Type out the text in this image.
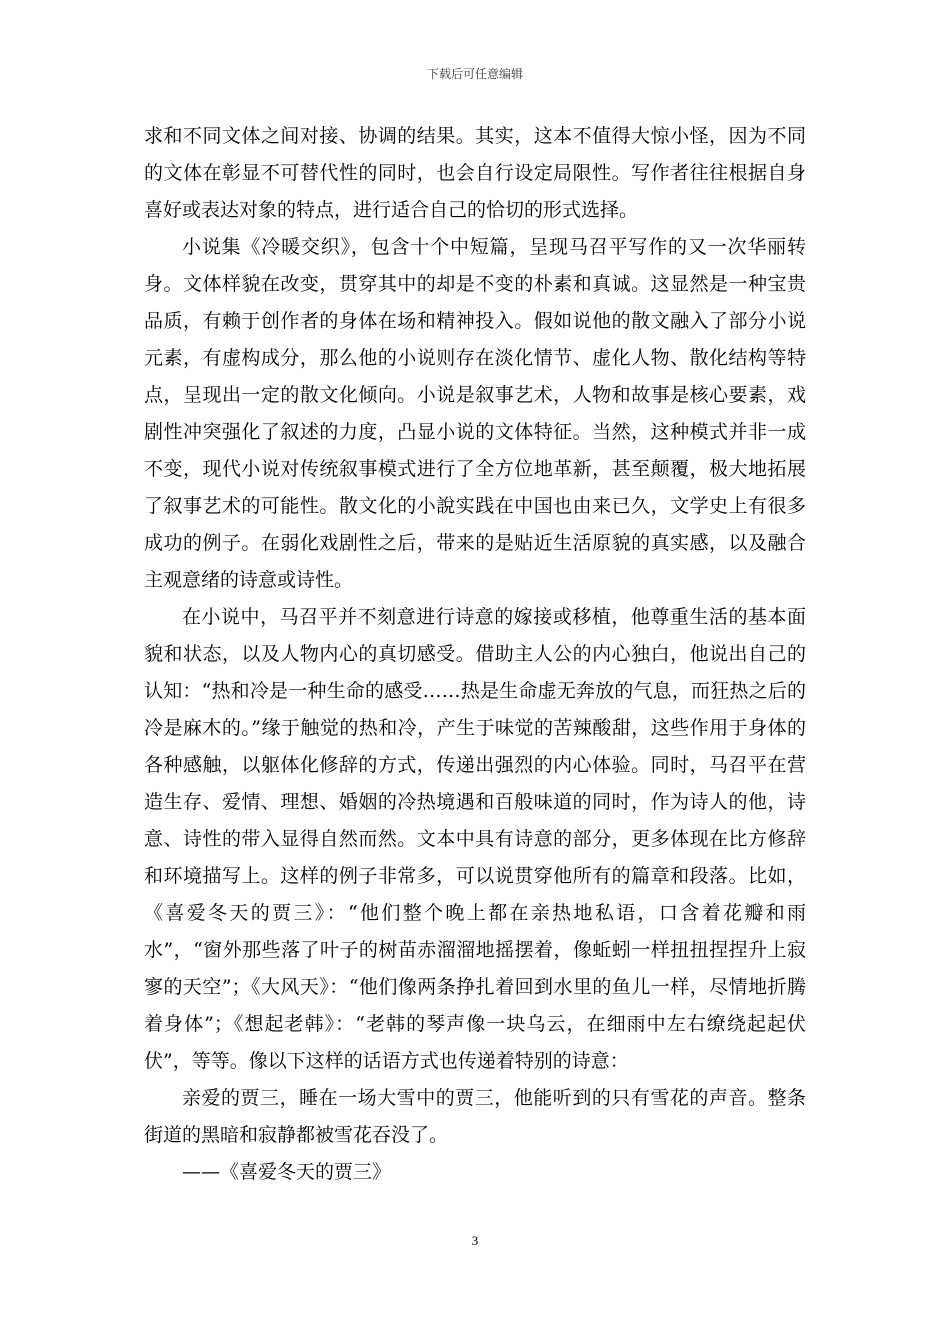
下载后可任意编辑

求和不同文体之间对接、协调的结果。其实，这本不值得大惊小怪，因为不同的文体在彰显不可替代性的同时，也会自行设定局限性。写作者往往根据自身喜好或表达对象的特点，进行适合自己的恰切的形式选择。

小说集《冷暖交织》，包含十个中短篇，呈现马召平写作的又一次华丽转身。文体样貌在改变，贯穿其中的却是不变的朴素和真诚。这显然是一种宝贵品质，有赖于创作者的身体在场和精神投入。假如说他的散文融入了部分小说元素，有虚构成分，那么他的小说则存在淡化情节、虚化人物、散化结构等特点，呈现出一定的散文化倾向。小说是叙事艺术，人物和故事是核心要素，戏剧性冲突强化了叙述的力度，凸显小说的文体特征。当然，这种模式并非一成不变，现代小说对传统叙事模式进行了全方位地革新，甚至颠覆，极大地拓展了叙事艺术的可能性。散文化的小說实践在中国也由来已久，文学史上有很多成功的例子。在弱化戏剧性之后，带来的是贴近生活原貌的真实感，以及融合主观意绪的诗意或诗性。

在小说中，马召平并不刻意进行诗意的嫁接或移植，他尊重生活的基本面貌和状态，以及人物内心的真切感受。借助主人公的内心独白，他说出自己的认知：“热和冷是一种生命的感受……热是生命虚无奔放的气息，而狂热之后的冷是麻木的。”缘于触觉的热和冷，产生于味觉的苦辣酸甜，这些作用于身体的各种感触，以躯体化修辞的方式，传递出强烈的内心体验。同时，马召平在营造生存、爱情、理想、婚姻的冷热境遇和百般味道的同时，作为诗人的他，诗意、诗性的带入显得自然而然。文本中具有诗意的部分，更多体现在比方修辞和环境描写上。这样的例子非常多，可以说贯穿他所有的篇章和段落。比如，《喜爱冬天的贾三》：“他们整个晚上都在亲热地私语，口含着花瓣和雨水”，“窗外那些落了叶子的树苗赤溜溜地摇摆着，像蚯蚓一样扭扭捏捏升上寂寥的天空”；《大风天》：“他们像两条挣扎着回到水里的鱼儿一样，尽情地折腾着身体”；《想起老韩》：“老韩的琴声像一块乌云，在细雨中左右缭绕起起伏伏”，等等。像以下这样的话语方式也传递着特别的诗意：

亲爱的贾三，睡在一场大雪中的贾三，他能听到的只有雪花的声音。整条街道的黑暗和寂静都被雪花吞没了。

——《喜爱冬天的贾三》

3
